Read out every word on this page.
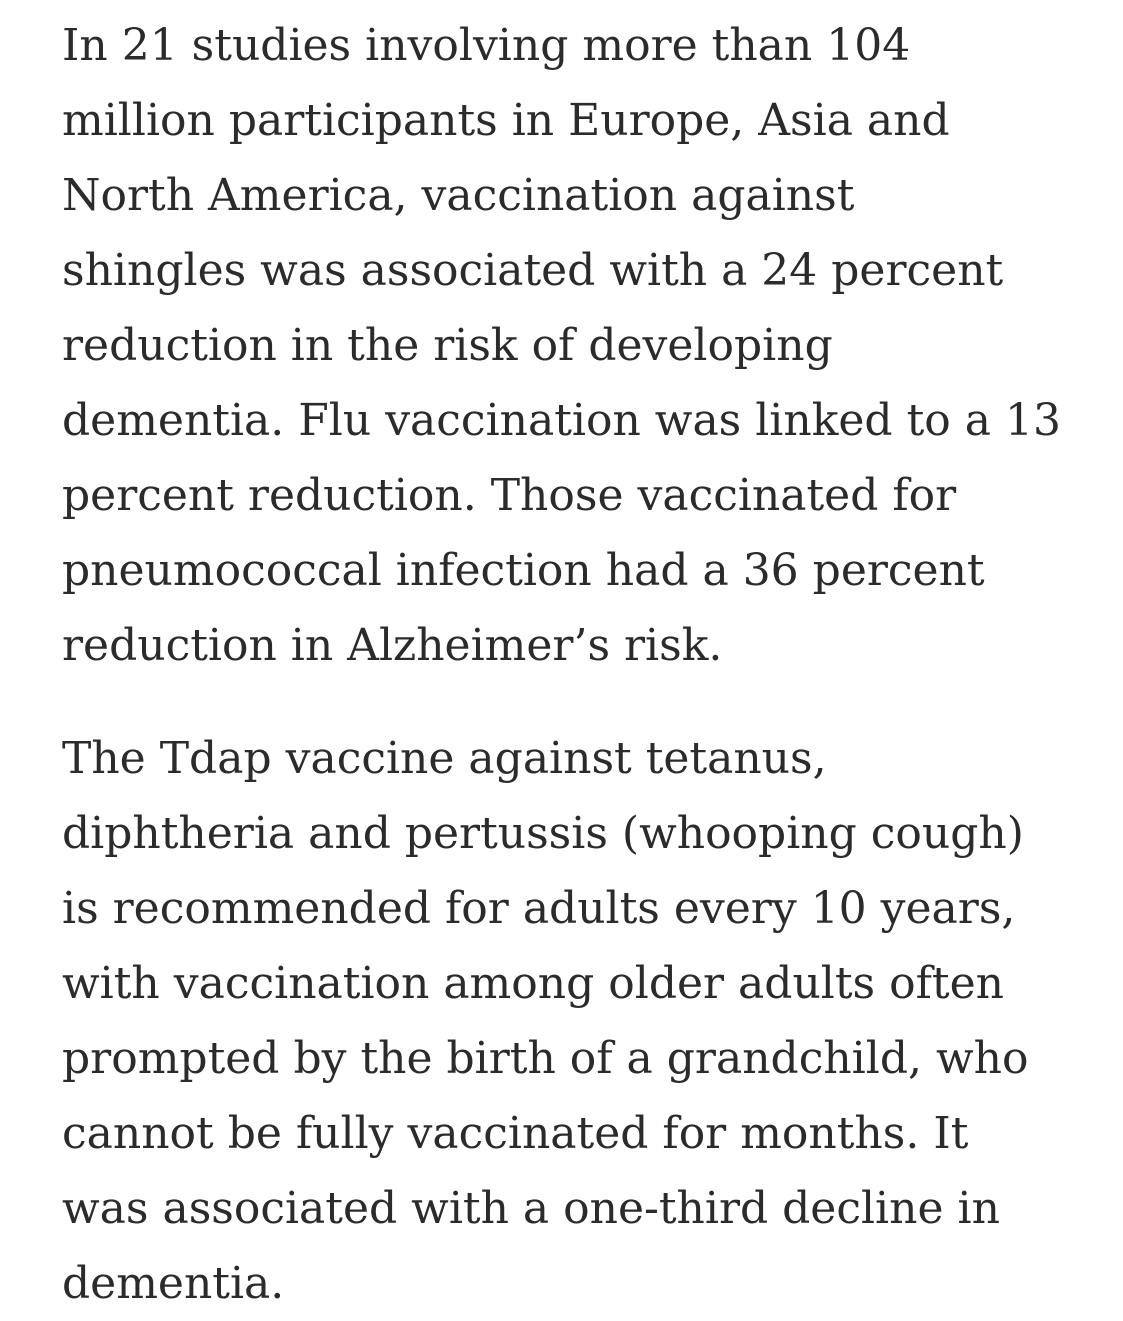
In 21 studies involving more than 104
million participants in Europe, Asia and
North America, vaccination against
shingles was associated with a 24 percent
reduction in the risk of developing
dementia. Flu vaccination was linked to a 13
percent reduction. Those vaccinated for
pneumococcal infection had a 36 percent
reduction in Alzheimer’s risk.

The Tdap vaccine against tetanus,
diphtheria and pertussis (whooping cough)
is recommended for adults every 10 years,
with vaccination among older adults often
prompted by the birth of a grandchild, who
cannot be fully vaccinated for months. It
was associated with a one-third decline in
dementia.
